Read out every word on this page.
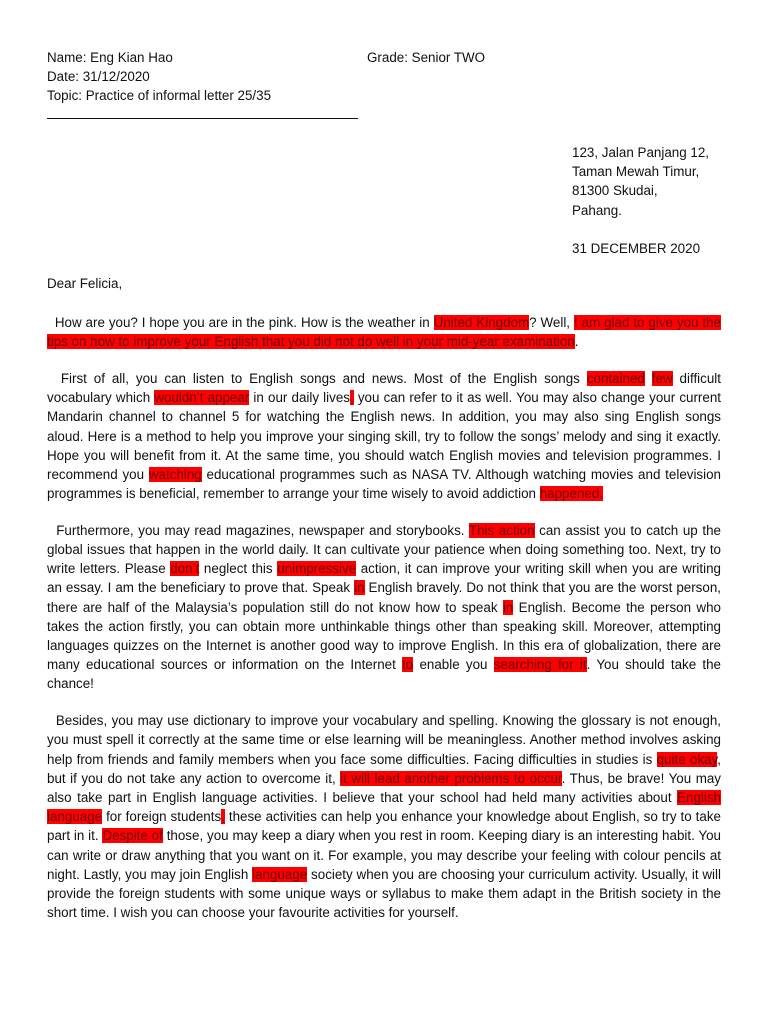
Name: Eng Kian Hao	Grade: Senior TWO
Date: 31/12/2020
Topic: Practice of informal letter 25/35
123, Jalan Panjang 12,
Taman Mewah Timur,
81300 Skudai,
Pahang.
31 DECEMBER 2020
Dear Felicia,

How are you? I hope you are in the pink. How is the weather in United Kingdom? Well, I am glad to give you the tips on how to improve your English that you did not do well in your mid-year examination.

First of all, you can listen to English songs and news. Most of the English songs contained few difficult vocabulary which wouldn’t appear in our daily lives, you can refer to it as well. You may also change your current Mandarin channel to channel 5 for watching the English news. In addition, you may also sing English songs aloud. Here is a method to help you improve your singing skill, try to follow the songs’ melody and sing it exactly. Hope you will benefit from it. At the same time, you should watch English movies and television programmes. I recommend you watching educational programmes such as NASA TV. Although watching movies and television programmes is beneficial, remember to arrange your time wisely to avoid addiction happened.

Furthermore, you may read magazines, newspaper and storybooks. This action can assist you to catch up the global issues that happen in the world daily. It can cultivate your patience when doing something too. Next, try to write letters. Please don’t neglect this unimpressive action, it can improve your writing skill when you are writing an essay. I am the beneficiary to prove that. Speak in English bravely. Do not think that you are the worst person, there are half of the Malaysia’s population still do not know how to speak in English. Become the person who takes the action firstly, you can obtain more unthinkable things other than speaking skill. Moreover, attempting languages quizzes on the Internet is another good way to improve English. In this era of globalization, there are many educational sources or information on the Internet to enable you searching for it. You should take the chance!

Besides, you may use dictionary to improve your vocabulary and spelling. Knowing the glossary is not enough, you must spell it correctly at the same time or else learning will be meaningless. Another method involves asking help from friends and family members when you face some difficulties. Facing difficulties in studies is quite okay, but if you do not take any action to overcome it, it will lead another problems to occur. Thus, be brave! You may also take part in English language activities. I believe that your school had held many activities about English language for foreign students, these activities can help you enhance your knowledge about English, so try to take part in it. Despite of those, you may keep a diary when you rest in room. Keeping diary is an interesting habit. You can write or draw anything that you want on it. For example, you may describe your feeling with colour pencils at night. Lastly, you may join English language society when you are choosing your curriculum activity. Usually, it will provide the foreign students with some unique ways or syllabus to make them adapt in the British society in the short time. I wish you can choose your favourite activities for yourself.
